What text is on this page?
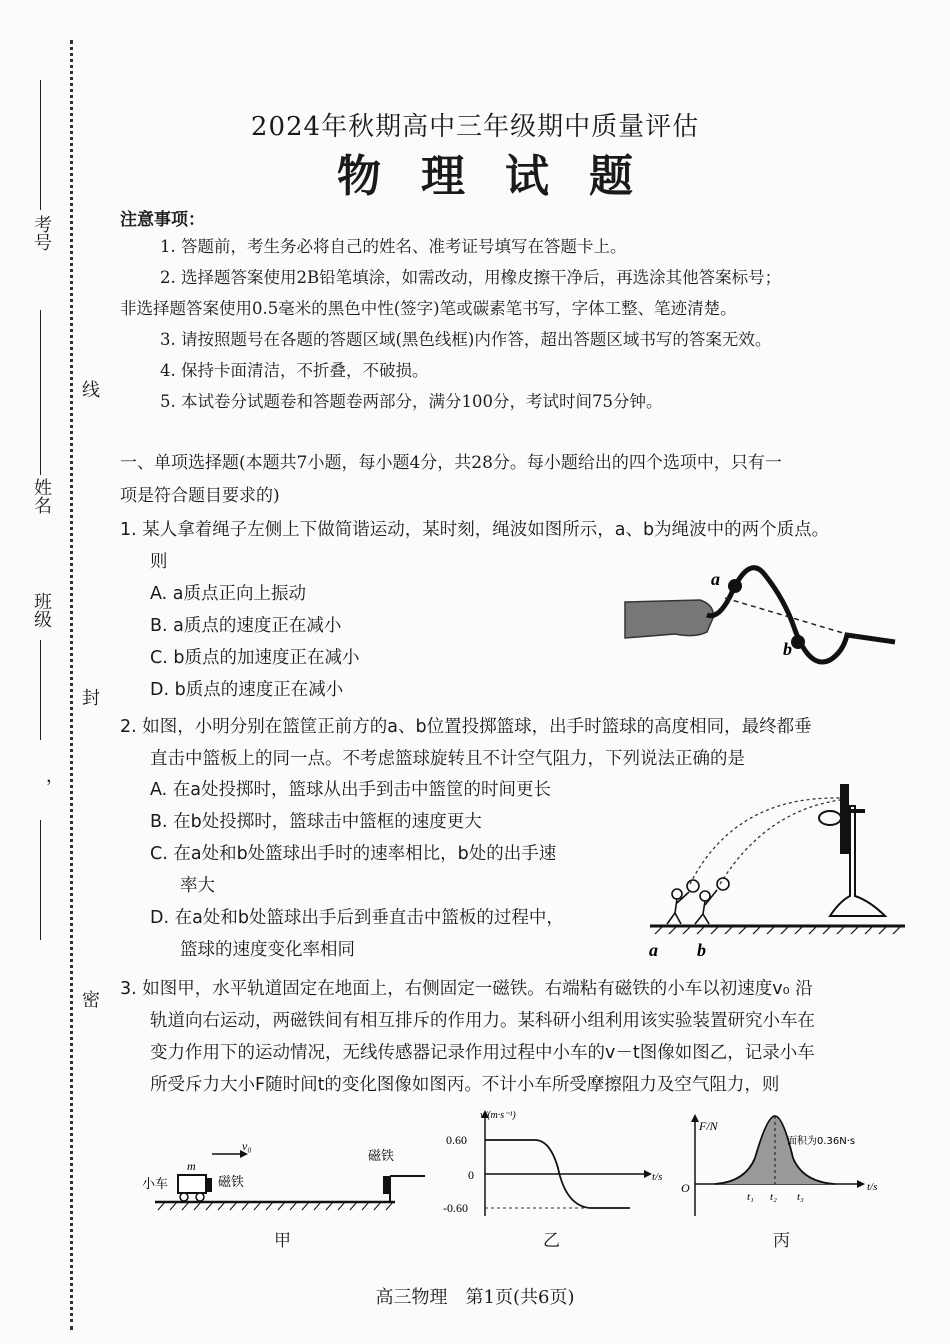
考号
姓名
班级
，
线
封
密
2024年秋期高中三年级期中质量评估
物理试题
注意事项：

1. 答题前，考生务必将自己的姓名、准考证号填写在答题卡上。

2. 选择题答案使用2B铅笔填涂，如需改动，用橡皮擦干净后，再选涂其他答案标号；

非选择题答案使用0.5毫米的黑色中性(签字)笔或碳素笔书写，字体工整、笔迹清楚。

3. 请按照题号在各题的答题区域(黑色线框)内作答，超出答题区域书写的答案无效。

4. 保持卡面清洁，不折叠，不破损。

5. 本试卷分试题卷和答题卷两部分，满分100分，考试时间75分钟。

一、单项选择题(本题共7小题，每小题4分，共28分。每小题给出的四个选项中，只有一

项是符合题目要求的)

1. 某人拿着绳子左侧上下做简谐运动，某时刻，绳波如图所示，a、b为绳波中的两个质点。

则

A. a质点正向上振动

B. a质点的速度正在减小

C. b质点的加速度正在减小

D. b质点的速度正在减小

a
b

2. 如图，小明分别在篮筐正前方的a、b位置投掷篮球，出手时篮球的高度相同，最终都垂

直击中篮板上的同一点。不考虑篮球旋转且不计空气阻力，下列说法正确的是

A. 在a处投掷时，篮球从出手到击中篮筐的时间更长

B. 在b处投掷时，篮球击中篮框的速度更大

C. 在a处和b处篮球出手时的速率相比，b处的出手速

率大

D. 在a处和b处篮球出手后到垂直击中篮板的过程中，

篮球的速度变化率相同	a b

3. 如图甲，水平轨道固定在地面上，右侧固定一磁铁。右端粘有磁铁的小车以初速度v₀ 沿

轨道向右运动，两磁铁间有相互排斥的作用力。某科研小组利用该实验装置研究小车在

变力作用下的运动情况，无线传感器记录作用过程中小车的v－t图像如图乙，记录小车

所受斥力大小F随时间t的变化图像如图丙。不计小车所受摩擦阻力及空气阻力，则

小车	磁铁
磁铁
m
v₀
甲
v/(m·s⁻¹)
t/s
0.60
0
-0.60
乙
F/N
t/s
O
t₁ t₂ t₃
面积为0.36N·s
丙
高三物理　第1页(共6页)
